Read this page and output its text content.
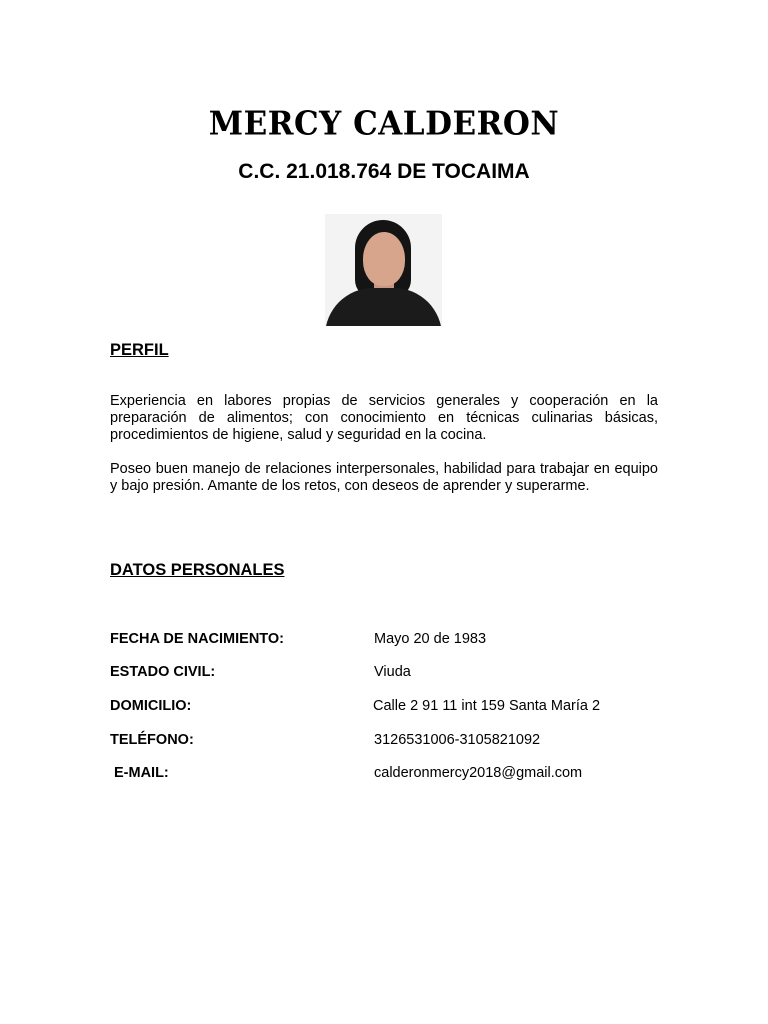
MERCY CALDERON
C.C. 21.018.764 DE TOCAIMA
PERFIL

Experiencia en labores propias de servicios generales y cooperación en la preparación de alimentos; con conocimiento en técnicas culinarias básicas, procedimientos de higiene, salud y seguridad en la cocina.

Poseo buen manejo de relaciones interpersonales, habilidad para trabajar en equipo y bajo presión. Amante de los retos, con deseos de aprender y superarme.

DATOS PERSONALES
FECHA DE NACIMIENTO:	Mayo 20 de 1983
ESTADO CIVIL:	Viuda
DOMICILIO:	Calle 2 91 11 int 159 Santa María 2
TELÉFONO:	3126531006-3105821092
E-MAIL:	calderonmercy2018@gmail.com
